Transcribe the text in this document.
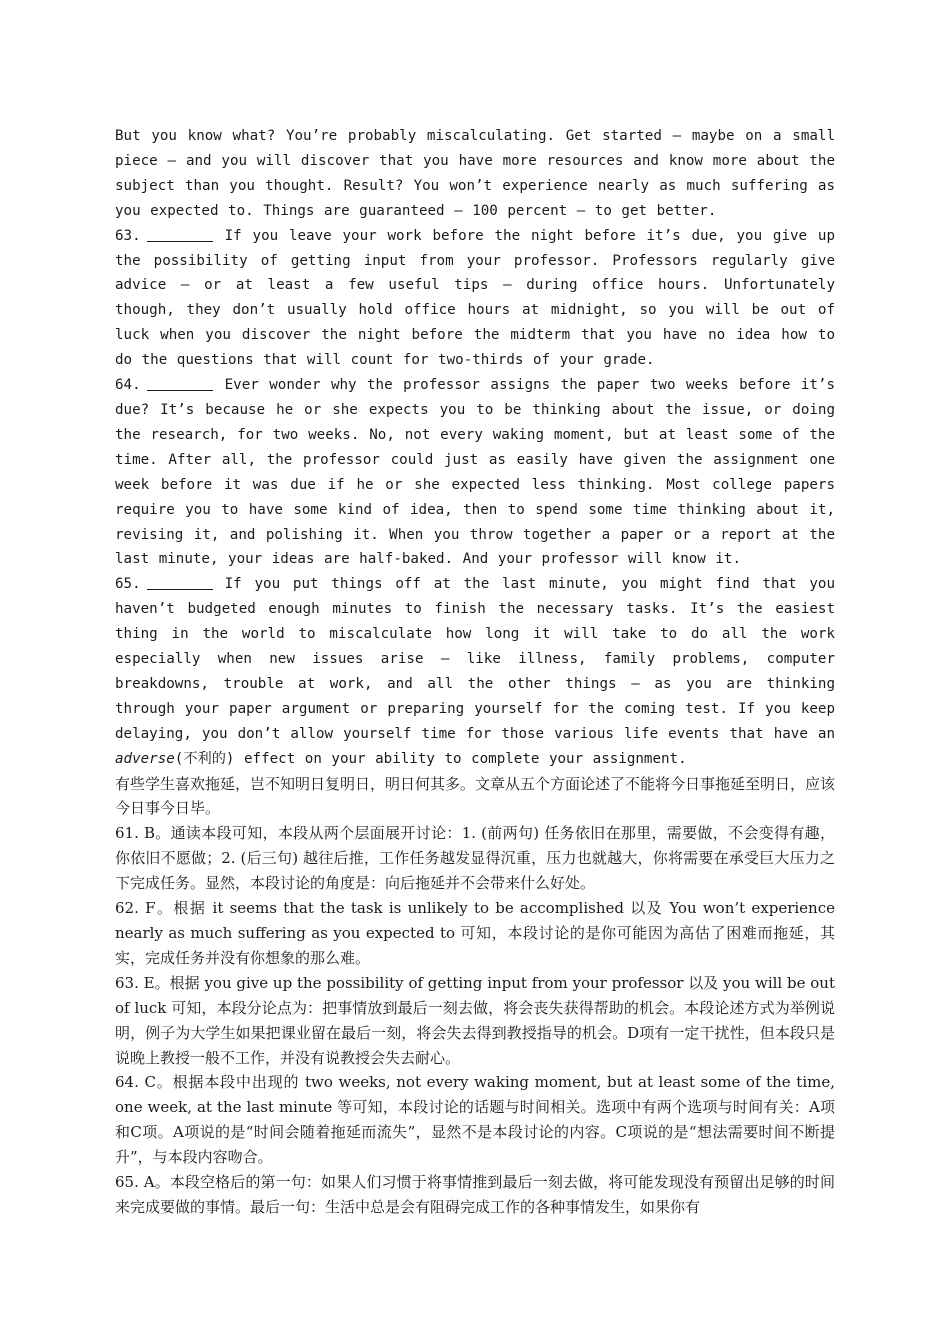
But you know what? You’re probably miscalculating. Get started — maybe on a small piece — and you will discover that you have more resources and know more about the subject than you thought. Result? You won’t experience nearly as much suffering as you expected to. Things are guaranteed — 100 percent — to get better.

63.	If you leave your work before the night before it’s due, you give up the possibility of getting input from your professor. Professors regularly give advice — or at least a few useful tips — during office hours. Unfortunately though, they don’t usually hold office hours at midnight, so you will be out of luck when you discover the night before the midterm that you have no idea how to do the questions that will count for two-thirds of your grade.

64.	Ever wonder why the professor assigns the paper two weeks before it’s due? It’s because he or she expects you to be thinking about the issue, or doing the research, for two weeks. No, not every waking moment, but at least some of the time. After all, the professor could just as easily have given the assignment one week before it was due if he or she expected less thinking. Most college papers require you to have some kind of idea, then to spend some time thinking about it, revising it, and polishing it. When you throw together a paper or a report at the last minute, your ideas are half-baked. And your professor will know it.

65.	If you put things off at the last minute, you might find that you haven’t budgeted enough minutes to finish the necessary tasks. It’s the easiest thing in the world to miscalculate how long it will take to do all the work especially when new issues arise — like illness, family problems, computer breakdowns, trouble at work, and all the other things — as you are thinking through your paper argument or preparing yourself for the coming test. If you keep delaying, you don’t allow yourself time for those various life events that have an adverse(不利的) effect on your ability to complete your assignment.

有些学生喜欢拖延，岂不知明日复明日，明日何其多。文章从五个方面论述了不能将今日事拖延至明日，应该今日事今日毕。

61. B。通读本段可知，本段从两个层面展开讨论：1. (前两句) 任务依旧在那里，需要做，不会变得有趣，你依旧不愿做；2. (后三句) 越往后推，工作任务越发显得沉重，压力也就越大，你将需要在承受巨大压力之下完成任务。显然，本段讨论的角度是：向后拖延并不会带来什么好处。

62. F。根据 it seems that the task is unlikely to be accomplished 以及 You won’t experience nearly as much suffering as you expected to 可知，本段讨论的是你可能因为高估了困难而拖延，其实，完成任务并没有你想象的那么难。

63. E。根据 you give up the possibility of getting input from your professor 以及 you will be out of luck 可知，本段分论点为：把事情放到最后一刻去做，将会丧失获得帮助的机会。本段论述方式为举例说明，例子为大学生如果把课业留在最后一刻，将会失去得到教授指导的机会。D项有一定干扰性，但本段只是说晚上教授一般不工作，并没有说教授会失去耐心。

64. C。根据本段中出现的 two weeks, not every waking moment, but at least some of the time, one week, at the last minute 等可知，本段讨论的话题与时间相关。选项中有两个选项与时间有关：A项和C项。A项说的是“时间会随着拖延而流失”，显然不是本段讨论的内容。C项说的是“想法需要时间不断提升”，与本段内容吻合。

65. A。本段空格后的第一句：如果人们习惯于将事情推到最后一刻去做，将可能发现没有预留出足够的时间来完成要做的事情。最后一句：生活中总是会有阻碍完成工作的各种事情发生，如果你有
